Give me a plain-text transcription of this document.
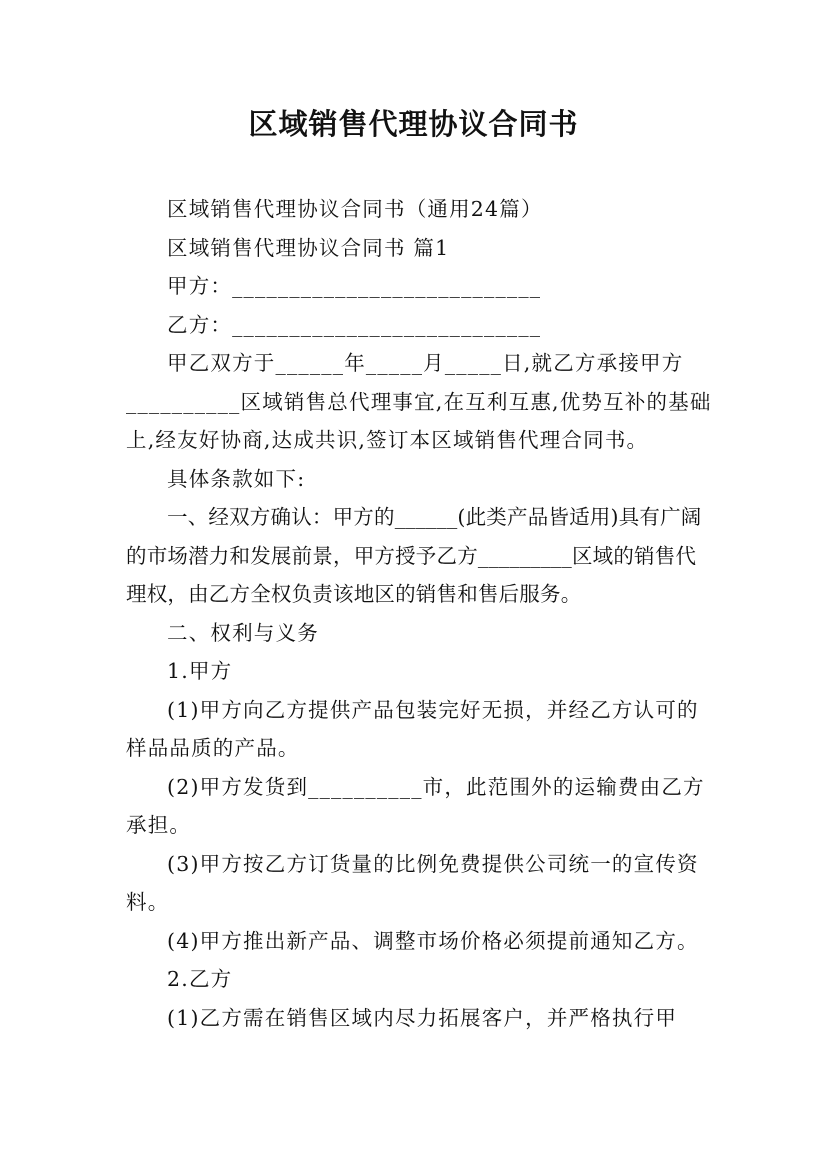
区域销售代理协议合同书

区域销售代理协议合同书（通用24篇）

区域销售代理协议合同书 篇1

甲方：___________________________

乙方：___________________________

甲乙双方于______年_____月_____日,就乙方承接甲方__________区域销售总代理事宜,在互利互惠,优势互补的基础上,经友好协商,达成共识,签订本区域销售代理合同书。

具体条款如下:

一、经双方确认：甲方的______(此类产品皆适用)具有广阔的市场潜力和发展前景，甲方授予乙方_________区域的销售代理权，由乙方全权负责该地区的销售和售后服务。

二、权利与义务

1.甲方

(1)甲方向乙方提供产品包装完好无损，并经乙方认可的样品品质的产品。

(2)甲方发货到__________市，此范围外的运输费由乙方承担。

(3)甲方按乙方订货量的比例免费提供公司统一的宣传资料。

(4)甲方推出新产品、调整市场价格必须提前通知乙方。

2.乙方

(1)乙方需在销售区域内尽力拓展客户，并严格执行甲
